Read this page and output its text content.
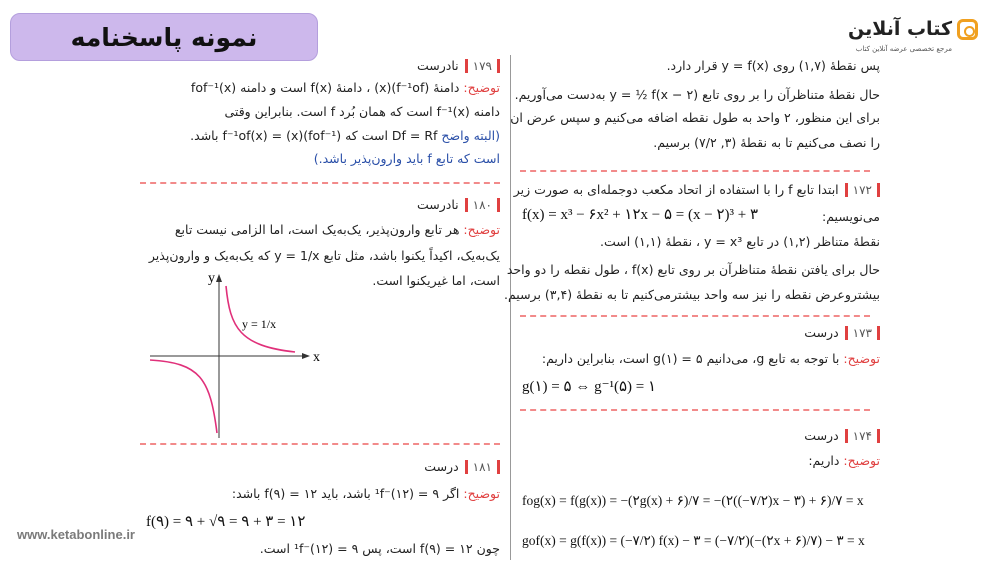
نمونه پاسخنامه	کتاب آنلاین
مرجع تخصصی عرضه آنلاین کتاب
www.ketabonline.ir
پس نقطهٔ (۱,۷) روی y = f(x) قرار دارد.
حال نقطهٔ متناظرآن را بر روی تابع y = ½ f(x − ۲) به‌دست می‌آوریم.
برای این منظور، ۲ واحد به طول نقطه اضافه می‌کنیم و سپس عرض ان
را نصف می‌کنیم تا به نقطهٔ (۳, ۷/۲) برسیم.
۱۷۲
ابتدا تابع f را با استفاده از اتحاد مکعب دوجمله‌ای به صورت زیر
می‌نویسیم:
f(x) = x³ − ۶x² + ۱۲x − ۵ = (x − ۲)³ + ۳
نقطهٔ متناظر (۱,۲) در تابع y = x³ ، نقطهٔ (۱,۱) است.
حال برای یافتن نقطهٔ متناظرآن بر روی تابع f(x) ، طول نقطه را دو واحد
بیشتروعرض نقطه را نیز سه واحد بیشترمی‌کنیم تا به نقطهٔ (۳,۴) برسیم.
۱۷۳
درست
توضیح: با توجه به تابع g، می‌دانیم g(۱) = ۵ است، بنابراین داریم:
g(۱) = ۵ ⇔ g⁻¹(۵) = ۱
۱۷۴
درست
توضیح: داریم:
fog(x) = f(g(x)) = −(۲g(x) + ۶)/۷ = −(۲((−۷/۲)x − ۳) + ۶)/۷ = x
gof(x) = g(f(x)) = (−۷/۲) f(x) − ۳ = (−۷/۲)(−(۲x + ۶)/۷) − ۳ = x
۱۷۹
نادرست
توضیح: دامنهٔ (f⁻¹of)(x) ، دامنهٔ f(x) است و دامنه fof⁻¹(x)
دامنه f⁻¹(x) است که همان بُرد f است. بنابراین وقتی
(البته واضح Df = Rf است که (fof⁻¹)(x) = f⁻¹of(x) باشد.
است که تابع f باید وارون‌پذیر باشد.)
۱۸۰
نادرست
توضیح: هر تابع وارون‌پذیر، یک‌به‌یک است، اما الزامی نیست تابع
یک‌به‌یک، اکیداً یکنوا باشد، مثل تابع y = 1/x که یک‌به‌یک و وارون‌پذیر
است، اما غیریکنوا است.
x
y
y = 1/x
۱۸۱
درست
توضیح: اگر ۹ = (۱۲)⁻¹f باشد، باید ۱۲ = f(۹) باشد:
f(۹) = ۹ + √۹ = ۹ + ۳ = ۱۲
چون ۱۲ = f(۹) است، پس ۹ = (۱۲)⁻¹f است.
